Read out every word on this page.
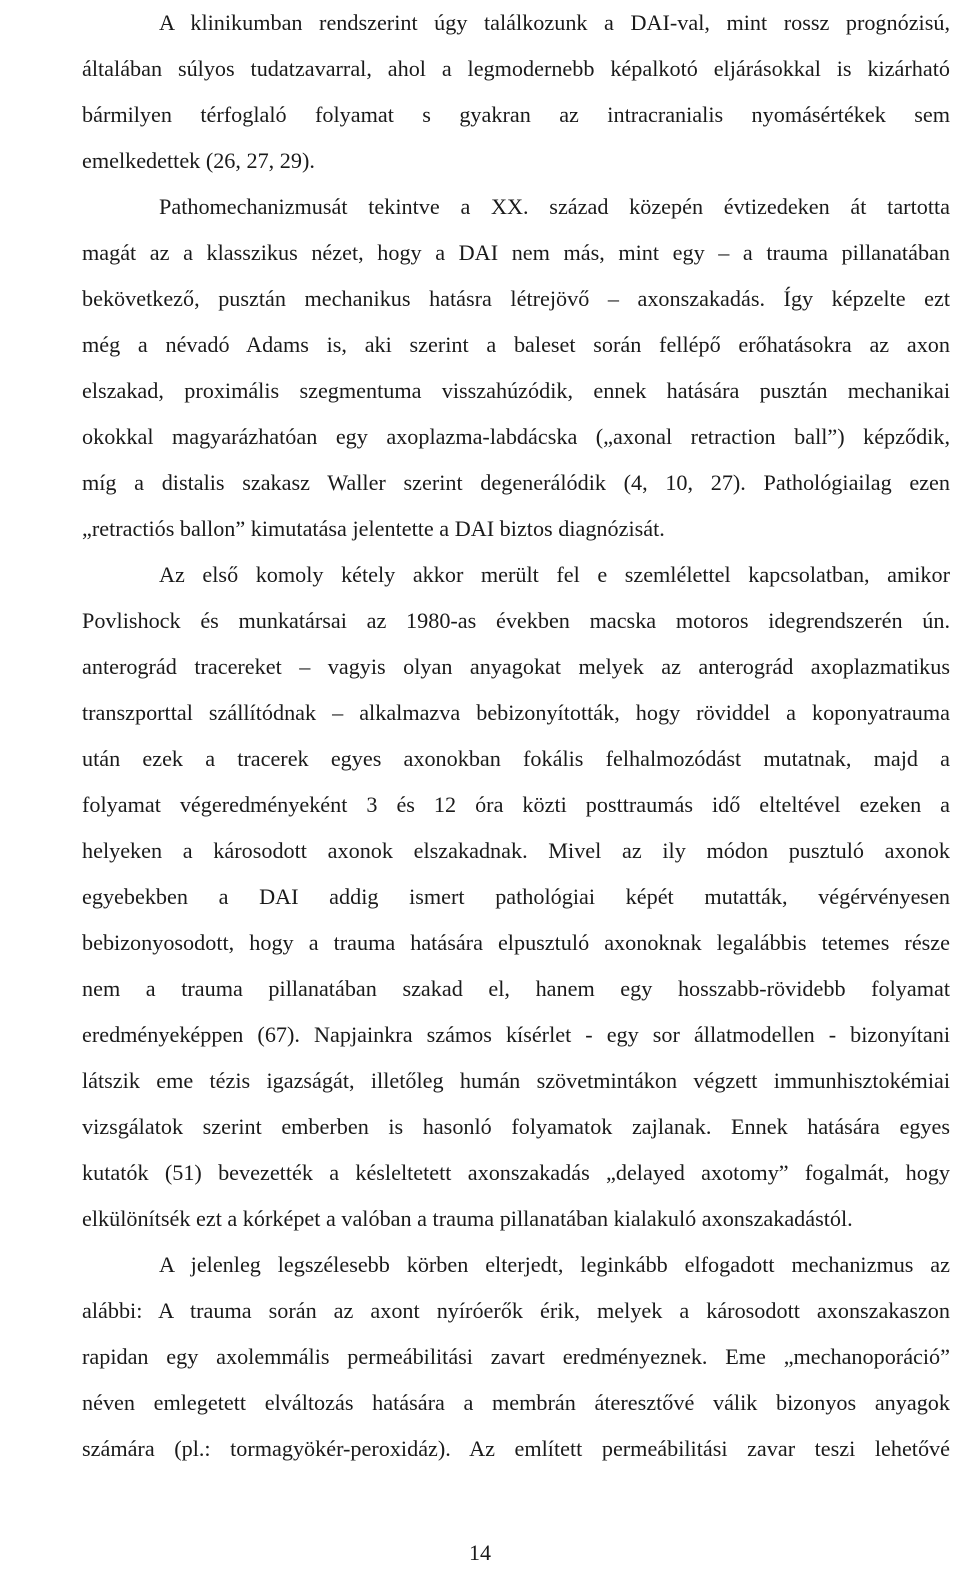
A klinikumban rendszerint úgy találkozunk a DAI-val, mint rossz prognózisú,
általában súlyos tudatzavarral, ahol a legmodernebb képalkotó eljárásokkal is kizárható
bármilyen térfoglaló folyamat s gyakran az intracranialis nyomásértékek sem
emelkedettek (26, 27, 29).
Pathomechanizmusát tekintve a XX. század közepén évtizedeken át tartotta
magát az a klasszikus nézet, hogy a DAI nem más, mint egy – a trauma pillanatában
bekövetkező, pusztán mechanikus hatásra létrejövő – axonszakadás. Így képzelte ezt
még a névadó Adams is, aki szerint a baleset során fellépő erőhatásokra az axon
elszakad, proximális szegmentuma visszahúzódik, ennek hatására pusztán mechanikai
okokkal magyarázhatóan egy axoplazma-labdácska („axonal retraction ball”) képződik,
míg a distalis szakasz Waller szerint degenerálódik (4, 10, 27). Pathológiailag ezen
„retractiós ballon” kimutatása jelentette a DAI biztos diagnózisát.
Az első komoly kétely akkor merült fel e szemlélettel kapcsolatban, amikor
Povlishock és munkatársai az 1980-as években macska motoros idegrendszerén ún.
anterográd tracereket – vagyis olyan anyagokat melyek az anterográd axoplazmatikus
transzporttal szállítódnak – alkalmazva bebizonyították, hogy röviddel a koponyatrauma
után ezek a tracerek egyes axonokban fokális felhalmozódást mutatnak, majd a
folyamat végeredményeként 3 és 12 óra közti posttraumás idő elteltével ezeken a
helyeken a károsodott axonok elszakadnak. Mivel az ily módon pusztuló axonok
egyebekben a DAI addig ismert pathológiai képét mutatták, végérvényesen
bebizonyosodott, hogy a trauma hatására elpusztuló axonoknak legalábbis tetemes része
nem a trauma pillanatában szakad el, hanem egy hosszabb-rövidebb folyamat
eredményeképpen (67). Napjainkra számos kísérlet - egy sor állatmodellen - bizonyítani
látszik eme tézis igazságát, illetőleg humán szövetmintákon végzett immunhisztokémiai
vizsgálatok szerint emberben is hasonló folyamatok zajlanak. Ennek hatására egyes
kutatók (51) bevezették a késleltetett axonszakadás „delayed axotomy” fogalmát, hogy
elkülönítsék ezt a kórképet a valóban a trauma pillanatában kialakuló axonszakadástól.
A jelenleg legszélesebb körben elterjedt, leginkább elfogadott mechanizmus az
alábbi: A trauma során az axont nyíróerők érik, melyek a károsodott axonszakaszon
rapidan egy axolemmális permeábilitási zavart eredményeznek. Eme „mechanoporáció”
néven emlegetett elváltozás hatására a membrán áteresztővé válik bizonyos anyagok
számára (pl.: tormagyökér-peroxidáz). Az említett permeábilitási zavar teszi lehetővé
14
